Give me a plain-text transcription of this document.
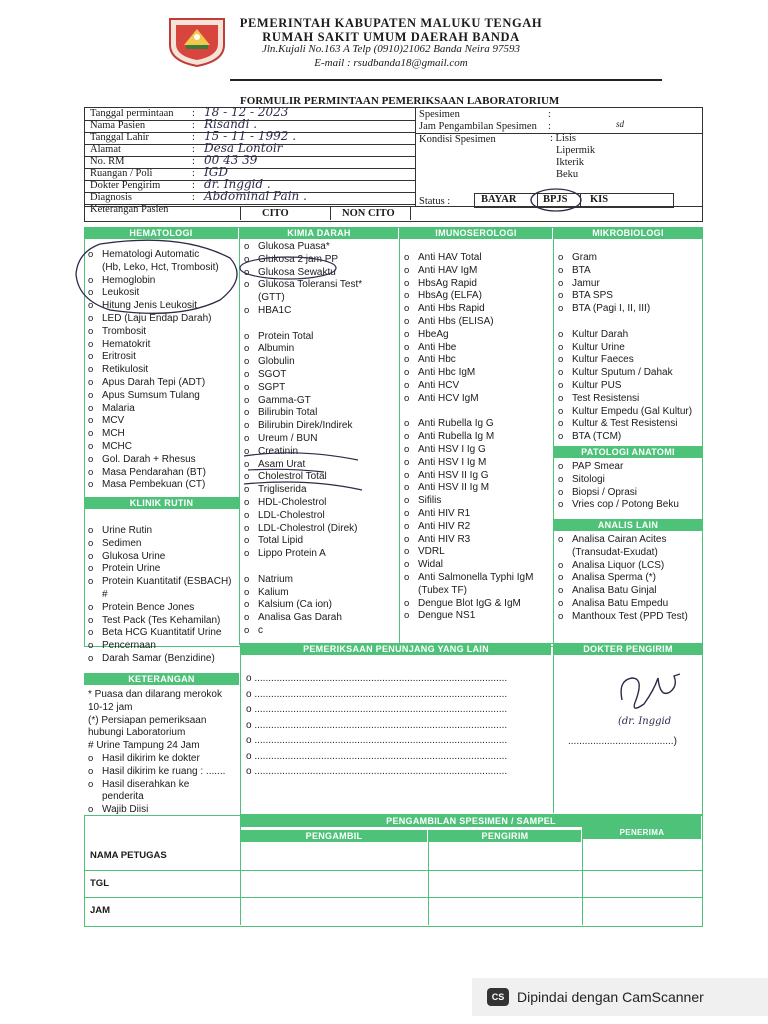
PEMERINTAH KABUPATEN MALUKU TENGAH
RUMAH SAKIT UMUM DAERAH BANDA
Jln.Kujali No.163 A Telp (0910)21062 Banda Neira 97593
E-mail : rsudbanda18@gmail.com
FORMULIR PERMINTAAN PEMERIKSAAN LABORATORIUM
Tanggal permintaan : 18 - 12 - 2023
Nama Pasien	: Risandi .
Tanggal Lahir	: 15 - 11 - 1992 .
Alamat	: Desa Lontoir
No. RM	: 00 43 39
Ruangan / Poli	: IGD
Dokter Pengirim	: dr. Inggid .
Diagnosis	: Abdominal Pain .
Keterangan Pasien
Spesimen	:
Jam Pengambilan Spesimen :	sd
Kondisi Spesimen	: Lisis
Lipermik
Ikterik
Beku
Status :	BAYAR	BPJS KIS
CITO	NON CITO
HEMATOLOGI	KIMIA DARAH	IMUNOSEROLOGI	MIKROBIOLOGI
o Hematologi Automatic
(Hb, Leko, Hct, Trombosit)
o Hemoglobin
o Leukosit
o Hitung Jenis Leukosit
o LED (Laju Endap Darah)
o Trombosit
o Hematokrit
o Eritrosit
o Retikulosit
o Apus Darah Tepi (ADT)
o Apus Sumsum Tulang
o Malaria
o MCV
o MCH
o MCHC
o Gol. Darah + Rhesus
o Masa Pendarahan (BT)
o Masa Pembekuan (CT)
KLINIK RUTIN
o Urine Rutin
o Sedimen
o Glukosa Urine
o Protein Urine
o Protein Kuantitatif (ESBACH)
#
o Protein Bence Jones
o Test Pack (Tes Kehamilan)
o Beta HCG Kuantitatif Urine
o Pencernaan
o Darah Samar (Benzidine)
o Glukosa Puasa*
o Glukosa 2 jam PP
o Glukosa Sewaktu
o Glukosa Toleransi Test*
(GTT)
o HBA1C
o Protein Total
o Albumin
o Globulin
o SGOT
o SGPT
o Gamma-GT
o Bilirubin Total
o Bilirubin Direk/Indirek
o Ureum / BUN
o Creatinin
o Asam Urat
o Cholestrol Total
o Trigliserida
o HDL-Cholestrol
o LDL-Cholestrol
o LDL-Cholestrol (Direk)
o Total Lipid
o Lippo Protein A
o Natrium
o Kalium
o Kalsium (Ca ion)
o Analisa Gas Darah
o c
o Anti HAV Total
o Anti HAV IgM
o HbsAg Rapid
o HbsAg (ELFA)
o Anti Hbs Rapid
o Anti Hbs (ELISA)
o HbeAg
o Anti Hbe
o Anti Hbc
o Anti Hbc IgM
o Anti HCV
o Anti HCV IgM
o Anti Rubella Ig G
o Anti Rubella Ig M
o Anti HSV I Ig G
o Anti HSV I Ig M
o Anti HSV II Ig G
o Anti HSV II Ig M
o Sifilis
o Anti HIV R1
o Anti HIV R2
o Anti HIV R3
o VDRL
o Widal
o Anti Salmonella Typhi IgM
(Tubex TF)
o Dengue Blot IgG & IgM
o Dengue NS1
o Gram
o BTA
o Jamur
o BTA SPS
o BTA (Pagi I, II, III)
o Kultur Darah
o Kultur Urine
o Kultur Faeces
o Kultur Sputum / Dahak
o Kultur PUS
o Test Resistensi
o Kultur Empedu (Gal Kultur)
o Kultur & Test Resistensi
o BTA (TCM)
PATOLOGI ANATOMI
o PAP Smear
o Sitologi
o Biopsi / Oprasi
o Vries cop / Potong Beku
ANALIS LAIN
o Analisa Cairan Acites
(Transudat-Exudat)
o Analisa Liquor (LCS)
o Analisa Sperma (*)
o Analisa Batu Ginjal
o Analisa Batu Empedu
o Manthoux Test (PPD Test)
KETERANGAN
* Puasa dan dilarang merokok
10-12 jam
(*) Persiapan pemeriksaan
hubungi Laboratorium
# Urine Tampung 24 Jam
o Hasil dikirim ke dokter
o Hasil dikirim ke ruang : .......
o Hasil diserahkan ke
penderita
o Wajib Diisi
PEMERIKSAAN PENUNJANG YANG LAIN	DOKTER PENGIRIM
o ...........................................................................................
o ...........................................................................................
o ...........................................................................................
o ...........................................................................................
o ...........................................................................................
o ...........................................................................................
o ...........................................................................................
(dr. Inggid
......................................)
PENGAMBILAN SPESIMEN / SAMPEL
PENGAMBIL	PENGIRIM	PENERIMA
NAMA PETUGAS
TGL
JAM
CS Dipindai dengan CamScanner
